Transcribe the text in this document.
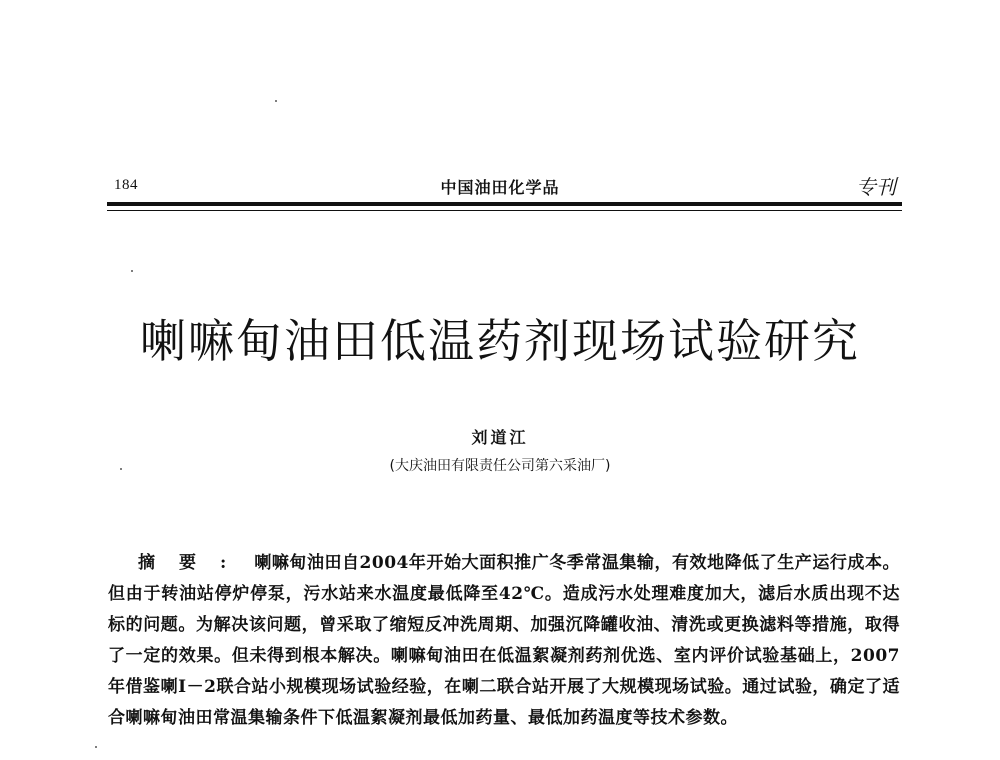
184	中国油田化学品	专刊
喇嘛甸油田低温药剂现场试验研究
刘道江
(大庆油田有限责任公司第六采油厂)
摘要: 喇嘛甸油田自2004年开始大面积推广冬季常温集输，有效地降低了生产运行成本。但由于转油站停炉停泵，污水站来水温度最低降至42℃。造成污水处理难度加大，滤后水质出现不达标的问题。为解决该问题，曾采取了缩短反冲洗周期、加强沉降罐收油、清洗或更换滤料等措施，取得了一定的效果。但未得到根本解决。喇嘛甸油田在低温絮凝剂药剂优选、室内评价试验基础上，2007年借鉴喇Ⅰ－2联合站小规模现场试验经验，在喇二联合站开展了大规模现场试验。通过试验，确定了适合喇嘛甸油田常温集输条件下低温絮凝剂最低加药量、最低加药温度等技术参数。
